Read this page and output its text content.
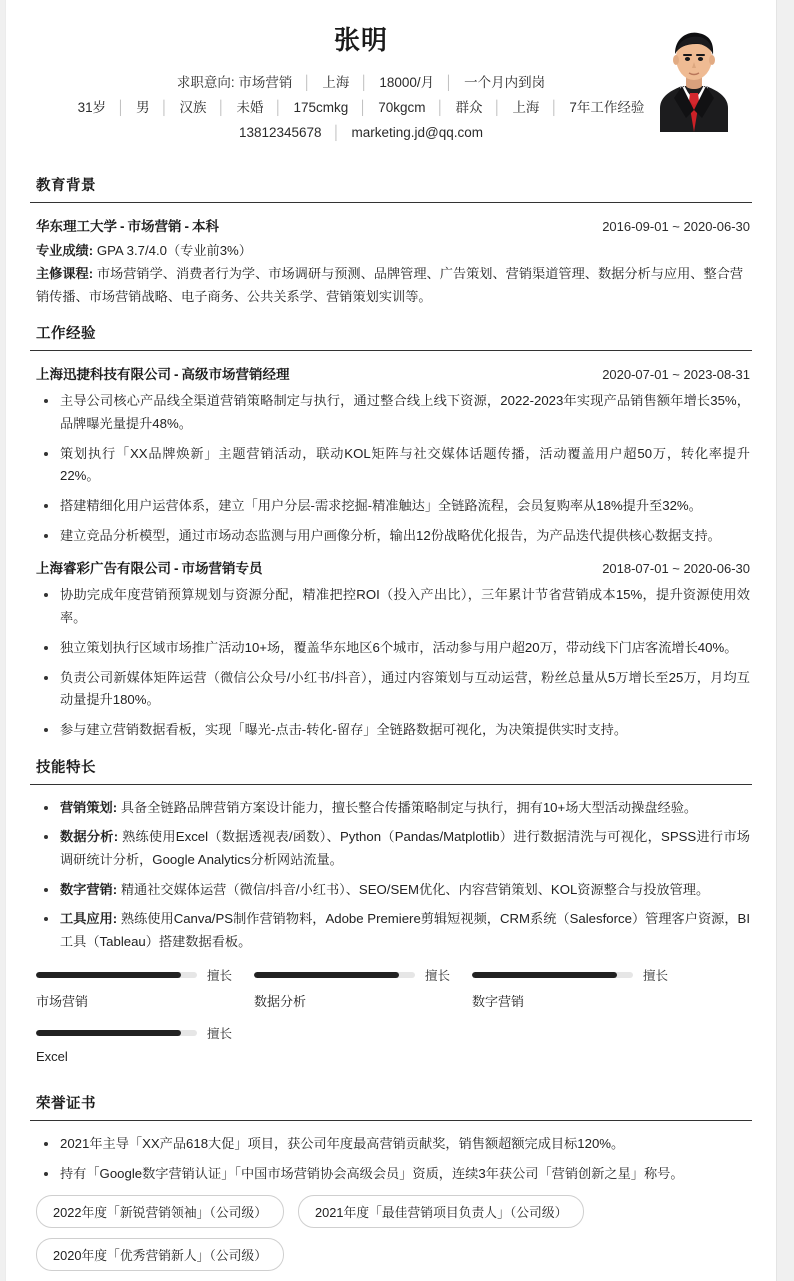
张明
求职意向: 市场营销 │ 上海 │ 18000/月 │ 一个月内到岗
31岁 │ 男 │ 汉族 │ 未婚 │ 175cmkg │ 70kgcm │ 群众 │ 上海 │ 7年工作经验
13812345678 │ marketing.jd@qq.com
教育背景
华东理工大学 - 市场营销 - 本科	2016-09-01 ~ 2020-06-30
专业成绩: GPA 3.7/4.0（专业前3%）
主修课程: 市场营销学、消费者行为学、市场调研与预测、品牌管理、广告策划、营销渠道管理、数据分析与应用、整合营销传播、市场营销战略、电子商务、公共关系学、营销策划实训等。
工作经验
上海迅捷科技有限公司 - 高级市场营销经理	2020-07-01 ~ 2023-08-31
主导公司核心产品线全渠道营销策略制定与执行，通过整合线上线下资源，2022-2023年实现产品销售额年增长35%，品牌曝光量提升48%。
策划执行「XX品牌焕新」主题营销活动，联动KOL矩阵与社交媒体话题传播，活动覆盖用户超50万，转化率提升22%。
搭建精细化用户运营体系，建立「用户分层-需求挖掘-精准触达」全链路流程，会员复购率从18%提升至32%。
建立竞品分析模型，通过市场动态监测与用户画像分析，输出12份战略优化报告，为产品迭代提供核心数据支持。
上海睿彩广告有限公司 - 市场营销专员	2018-07-01 ~ 2020-06-30
协助完成年度营销预算规划与资源分配，精准把控ROI（投入产出比），三年累计节省营销成本15%，提升资源使用效率。
独立策划执行区域市场推广活动10+场，覆盖华东地区6个城市，活动参与用户超20万，带动线下门店客流增长40%。
负责公司新媒体矩阵运营（微信公众号/小红书/抖音），通过内容策划与互动运营，粉丝总量从5万增长至25万，月均互动量提升180%。
参与建立营销数据看板，实现「曝光-点击-转化-留存」全链路数据可视化，为决策提供实时支持。
技能特长
营销策划: 具备全链路品牌营销方案设计能力，擅长整合传播策略制定与执行，拥有10+场大型活动操盘经验。
数据分析: 熟练使用Excel（数据透视表/函数）、Python（Pandas/Matplotlib）进行数据清洗与可视化，SPSS进行市场调研统计分析，Google Analytics分析网站流量。
数字营销: 精通社交媒体运营（微信/抖音/小红书）、SEO/SEM优化、内容营销策划、KOL资源整合与投放管理。
工具应用: 熟练使用Canva/PS制作营销物料，Adobe Premiere剪辑短视频，CRM系统（Salesforce）管理客户资源，BI工具（Tableau）搭建数据看板。
擅长
市场营销
擅长
数据分析
擅长
数字营销
擅长
Excel
荣誉证书
2021年主导「XX产品618大促」项目，获公司年度最高营销贡献奖，销售额超额完成目标120%。
持有「Google数字营销认证」「中国市场营销协会高级会员」资质，连续3年获公司「营销创新之星」称号。
2022年度「新锐营销领袖」（公司级）	2021年度「最佳营销项目负责人」（公司级）
2020年度「优秀营销新人」（公司级）
